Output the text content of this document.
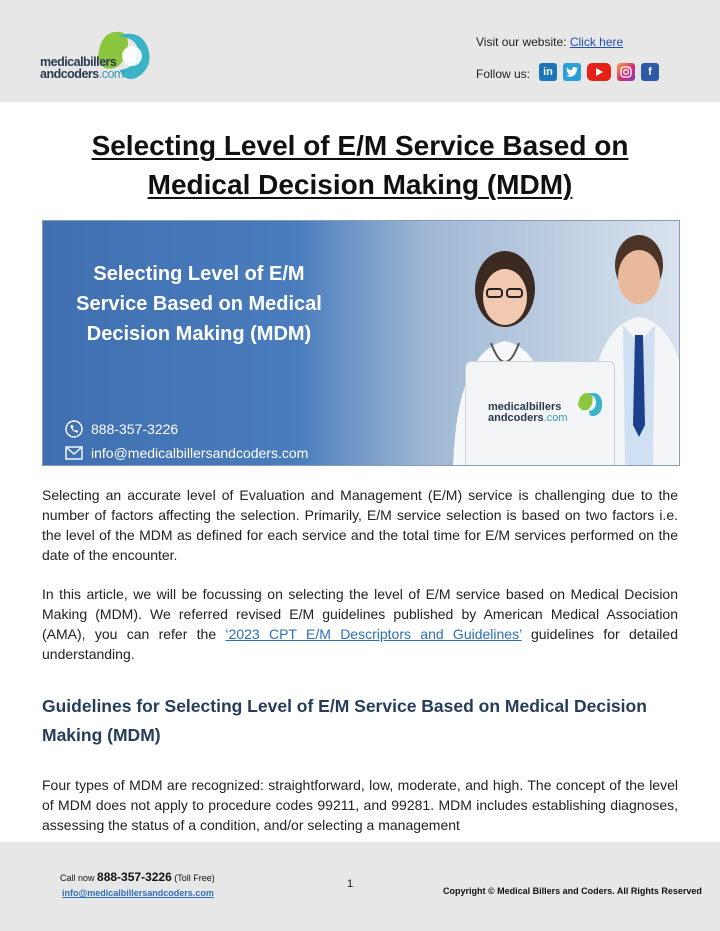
medicalbillers
andcoders.com
Visit our website: Click here
Follow us:	in	f
Selecting Level of E/M Service Based on Medical Decision Making (MDM)
Selecting Level of E/M Service Based on Medical Decision Making (MDM)
888-357-3226
info@medicalbillersandcoders.com
medicalbillers
andcoders.com

Selecting an accurate level of Evaluation and Management (E/M) service is challenging due to the number of factors affecting the selection. Primarily, E/M service selection is based on two factors i.e. the level of the MDM as defined for each service and the total time for E/M services performed on the date of the encounter.

In this article, we will be focussing on selecting the level of E/M service based on Medical Decision Making (MDM). We referred revised E/M guidelines published by American Medical Association (AMA), you can refer the ‘2023 CPT E/M Descriptors and Guidelines’ guidelines for detailed understanding.

Guidelines for Selecting Level of E/M Service Based on Medical Decision Making (MDM)

Four types of MDM are recognized: straightforward, low, moderate, and high. The concept of the level of MDM does not apply to procedure codes 99211, and 99281. MDM includes establishing diagnoses, assessing the status of a condition, and/or selecting a management

Call now 888-357-3226 (Toll Free)
info@medicalbillersandcoders.com
1
Copyright © Medical Billers and Coders. All Rights Reserved
